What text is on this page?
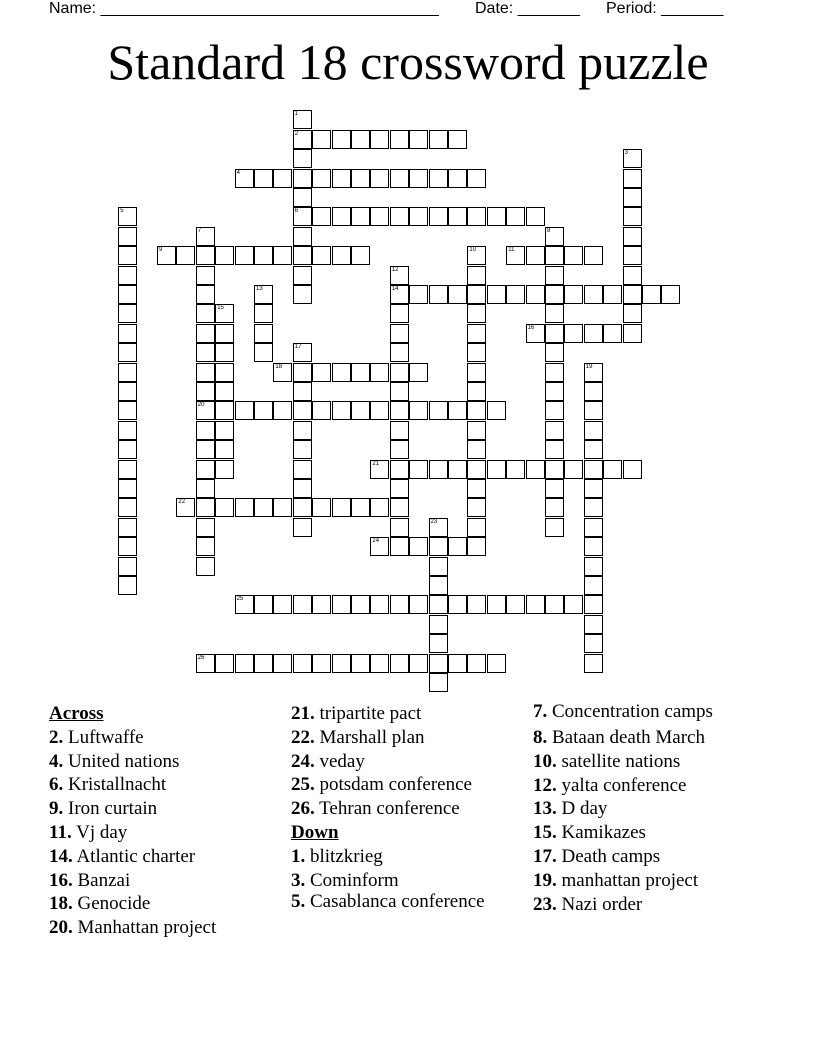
Name: ______________________________________ Date: _______ Period: _______
Standard 18 crossword puzzle
1
2
6
3
4
5
7
20
8
9	10	11
12
14
13
15
16
17
18	19
21
22
23
24
25
26
Across
2. Luftwaffe
4. United nations
6. Kristallnacht
9. Iron curtain
11. Vj day
14. Atlantic charter
16. Banzai
18. Genocide
20. Manhattan project
21. tripartite pact
22. Marshall plan
24. veday
25. potsdam conference
26. Tehran conference
Down
1. blitzkrieg
3. Cominform
5. Casablanca conference
7. Concentration camps
8. Bataan death March
10. satellite nations
12. yalta conference
13. D day
15. Kamikazes
17. Death camps
19. manhattan project
23. Nazi order
